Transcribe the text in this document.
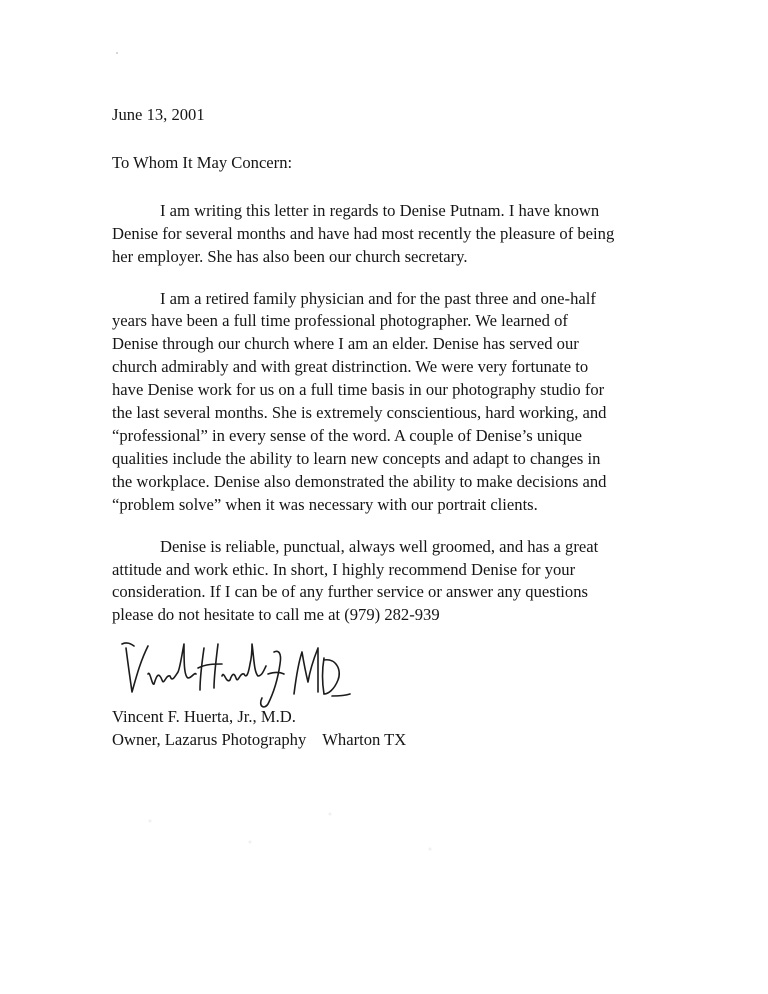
June 13, 2001
To Whom It May Concern:
I am writing this letter in regards to Denise Putnam. I have known
Denise for several months and have had most recently the pleasure of being
her employer. She has also been our church secretary.
I am a retired family physician and for the past three and one-half
years have been a full time professional photographer. We learned of
Denise through our church where I am an elder. Denise has served our
church admirably and with great distrinction. We were very fortunate to
have Denise work for us on a full time basis in our photography studio for
the last several months. She is extremely conscientious, hard working, and
“professional” in every sense of the word. A couple of Denise’s unique
qualities include the ability to learn new concepts and adapt to changes in
the workplace. Denise also demonstrated the ability to make decisions and
“problem solve” when it was necessary with our portrait clients.
Denise is reliable, punctual, always well groomed, and has a great
attitude and work ethic. In short, I highly recommend Denise for your
consideration. If I can be of any further service or answer any questions
please do not hesitate to call me at (979) 282-939
Vincent F. Huerta, Jr., M.D.
Owner, Lazarus Photography Wharton TX
